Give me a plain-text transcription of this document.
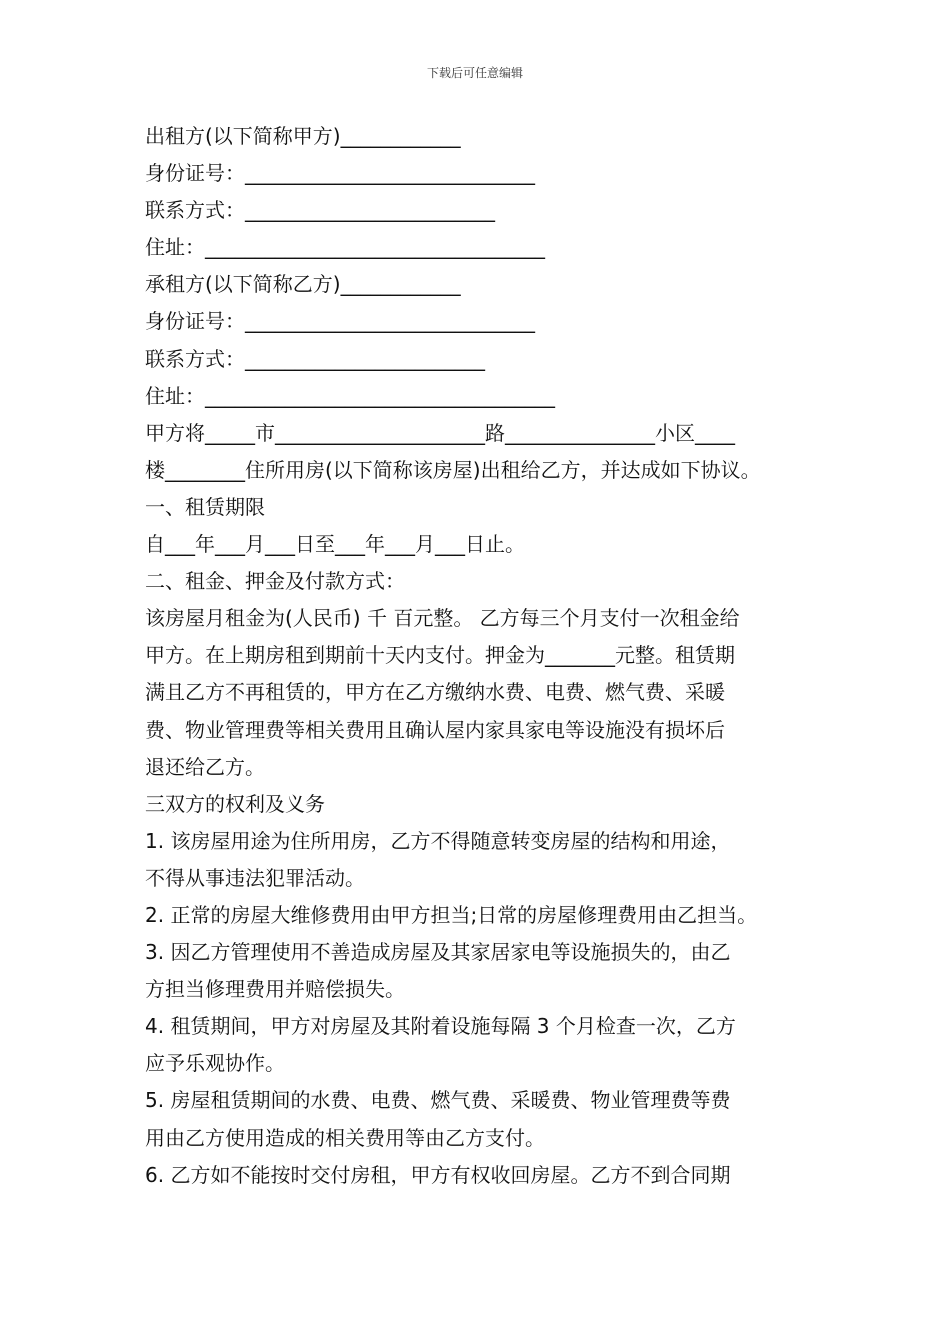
下载后可任意编辑
出租方(以下简称甲方)____________
身份证号：_____________________________
联系方式：_________________________
住址：__________________________________
承租方(以下简称乙方)____________
身份证号：_____________________________
联系方式：________________________
住址：___________________________________
甲方将_____市_____________________路_______________小区____
楼________住所用房(以下简称该房屋)出租给乙方，并达成如下协议。
一、租赁期限
自___年___月___日至___年___月___日止。
二、租金、押金及付款方式：
该房屋月租金为(人民币) 千 百元整。 乙方每三个月支付一次租金给
甲方。在上期房租到期前十天内支付。押金为_______元整。租赁期
满且乙方不再租赁的，甲方在乙方缴纳水费、电费、燃气费、采暖
费、物业管理费等相关费用且确认屋内家具家电等设施没有损坏后
退还给乙方。
三双方的权利及义务
1. 该房屋用途为住所用房，乙方不得随意转变房屋的结构和用途，
不得从事违法犯罪活动。
2. 正常的房屋大维修费用由甲方担当;日常的房屋修理费用由乙担当。
3. 因乙方管理使用不善造成房屋及其家居家电等设施损失的，由乙
方担当修理费用并赔偿损失。
4. 租赁期间，甲方对房屋及其附着设施每隔 3 个月检查一次，乙方
应予乐观协作。
5. 房屋租赁期间的水费、电费、燃气费、采暖费、物业管理费等费
用由乙方使用造成的相关费用等由乙方支付。
6. 乙方如不能按时交付房租，甲方有权收回房屋。乙方不到合同期
